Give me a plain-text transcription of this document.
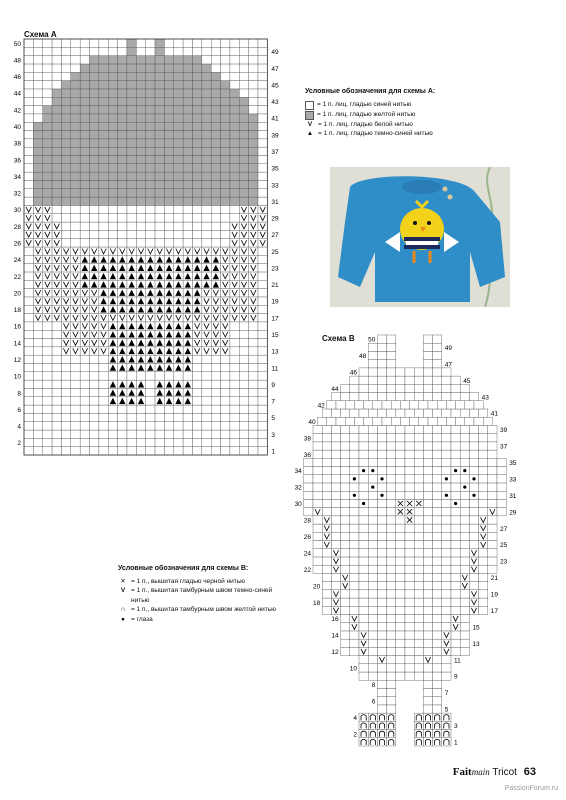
50
48
46
44
42
40
38
36
34
32
30
28
26
24
22
20
18
16
14
12
10
8
6
4
2
49
47
45
43
41
39
37
35
33
31
29
27
25
23
21
19
17
15
13
11
9
7
5
3
1
50
48
46
44
42
40
38
36
34
32
30
28
26
24
22
20
18
16
14
12
10
8
6
4
2
49
47
45
43
41
39
37
35
33
31
29
27
25
23
21
19
17
15
13
11
9
7
5
3
1
Схема А
Схема В
Условные обозначения для схемы А:
= 1 п. лиц. гладью синей нитью
= 1 п. лиц. гладью желтой нитью
V = 1 п. лиц. гладью белой нитью
▲ = 1 п. лиц. гладью темно-синей нитью
Условные обозначения для схемы В:
✕ = 1 п., вышитая гладью черной нитью
V = 1 п., вышитая тамбурным швом темно-синей нитью
∩ = 1 п., вышитая тамбурным швом желтой нитью
● = глаза
Faitmain Tricot 63
PassionForum.ru
